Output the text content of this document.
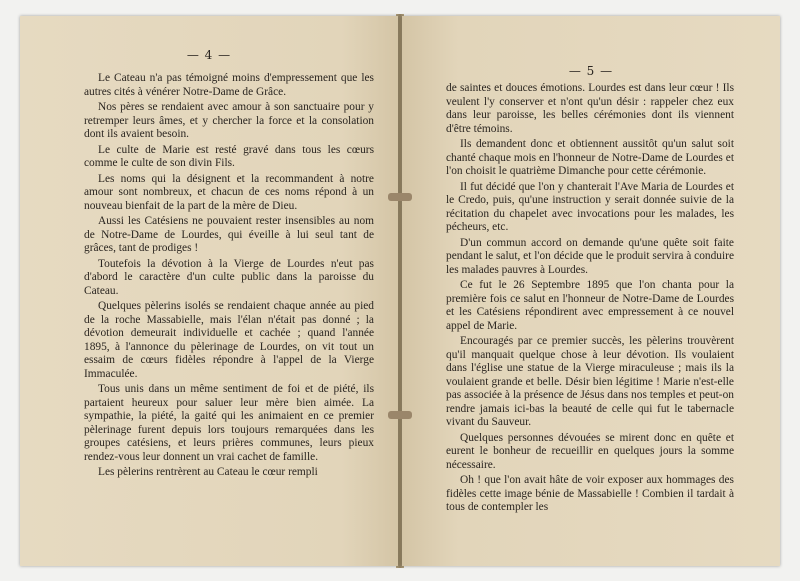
— 4 —

Le Cateau n'a pas témoigné moins d'empressement que les autres cités à vénérer Notre-Dame de Grâce.

Nos pères se rendaient avec amour à son sanctuaire pour y retremper leurs âmes, et y chercher la force et la consolation dont ils avaient besoin.

Le culte de Marie est resté gravé dans tous les cœurs comme le culte de son divin Fils.

Les noms qui la désignent et la recommandent à notre amour sont nombreux, et chacun de ces noms répond à un nouveau bienfait de la part de la mère de Dieu.

Aussi les Catésiens ne pouvaient rester insensibles au nom de Notre-Dame de Lourdes, qui éveille à lui seul tant de grâces, tant de prodiges !

Toutefois la dévotion à la Vierge de Lourdes n'eut pas d'abord le caractère d'un culte public dans la paroisse du Cateau.

Quelques pèlerins isolés se rendaient chaque année au pied de la roche Massabielle, mais l'élan n'était pas donné ; la dévotion demeurait individuelle et cachée ; quand l'année 1895, à l'annonce du pèlerinage de Lourdes, on vit tout un essaim de cœurs fidèles répondre à l'appel de la Vierge Immaculée.

Tous unis dans un même sentiment de foi et de piété, ils partaient heureux pour saluer leur mère bien aimée. La sympathie, la piété, la gaité qui les animaient en ce premier pèlerinage furent depuis lors toujours remarquées dans les groupes catésiens, et leurs prières communes, leurs pieux rendez-vous leur donnent un vrai cachet de famille.

Les pèlerins rentrèrent au Cateau le cœur rempli

— 5 —

de saintes et douces émotions. Lourdes est dans leur cœur ! Ils veulent l'y conserver et n'ont qu'un désir : rappeler chez eux dans leur paroisse, les belles cérémonies dont ils viennent d'être témoins.

Ils demandent donc et obtiennent aussitôt qu'un salut soit chanté chaque mois en l'honneur de Notre-Dame de Lourdes et l'on choisit le quatrième Dimanche pour cette cérémonie.

Il fut décidé que l'on y chanterait l'Ave Maria de Lourdes et le Credo, puis, qu'une instruction y serait donnée suivie de la récitation du chapelet avec invocations pour les malades, les pécheurs, etc.

D'un commun accord on demande qu'une quête soit faite pendant le salut, et l'on décide que le produit servira à conduire les malades pauvres à Lourdes.

Ce fut le 26 Septembre 1895 que l'on chanta pour la première fois ce salut en l'honneur de Notre-Dame de Lourdes et les Catésiens répondirent avec empressement à ce nouvel appel de Marie.

Encouragés par ce premier succès, les pèlerins trouvèrent qu'il manquait quelque chose à leur dévotion. Ils voulaient dans l'église une statue de la Vierge miraculeuse ; mais ils la voulaient grande et belle. Désir bien légitime ! Marie n'est-elle pas associée à la présence de Jésus dans nos temples et peut-on rendre jamais ici-bas la beauté de celle qui fut le tabernacle vivant du Sauveur.

Quelques personnes dévouées se mirent donc en quête et eurent le bonheur de recueillir en quelques jours la somme nécessaire.

Oh ! que l'on avait hâte de voir exposer aux hommages des fidèles cette image bénie de Massabielle ! Combien il tardait à tous de contempler les
